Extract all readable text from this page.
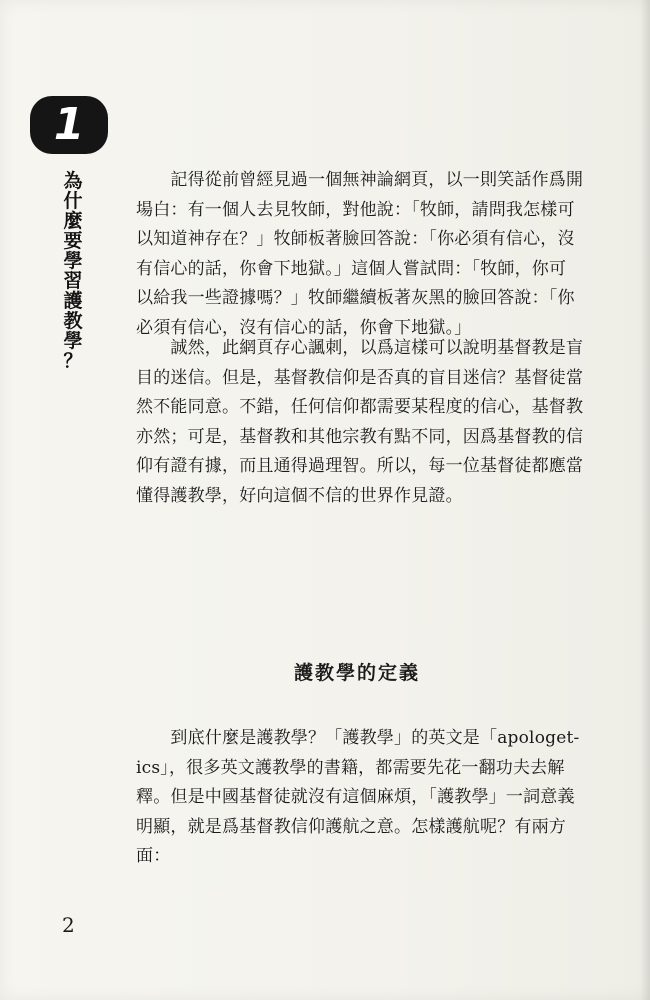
1
為
什
麼
要
學
習
護
教
學
？

　　記得從前曾經見過一個無神論網頁，以一則笑話作爲開
場白：有一個人去見牧師，對他說：「牧師，請問我怎樣可
以知道神存在？」牧師板著臉回答說：「你必須有信心，沒
有信心的話，你會下地獄。」這個人嘗試問：「牧師，你可
以給我一些證據嗎？」牧師繼續板著灰黑的臉回答說：「你
必須有信心，沒有信心的話，你會下地獄。」

　　誠然，此網頁存心諷刺，以爲這樣可以說明基督教是盲
目的迷信。但是，基督教信仰是否真的盲目迷信？基督徒當
然不能同意。不錯，任何信仰都需要某程度的信心，基督教
亦然；可是，基督教和其他宗教有點不同，因爲基督教的信
仰有證有據，而且通得過理智。所以，每一位基督徒都應當
懂得護教學，好向這個不信的世界作見證。

護教學的定義

　　到底什麼是護教學？「護教學」的英文是「apologet-
ics」，很多英文護教學的書籍，都需要先花一翻功夫去解
釋。但是中國基督徒就沒有這個麻煩，「護教學」一詞意義
明顯，就是爲基督教信仰護航之意。怎樣護航呢？有兩方
面：

2
